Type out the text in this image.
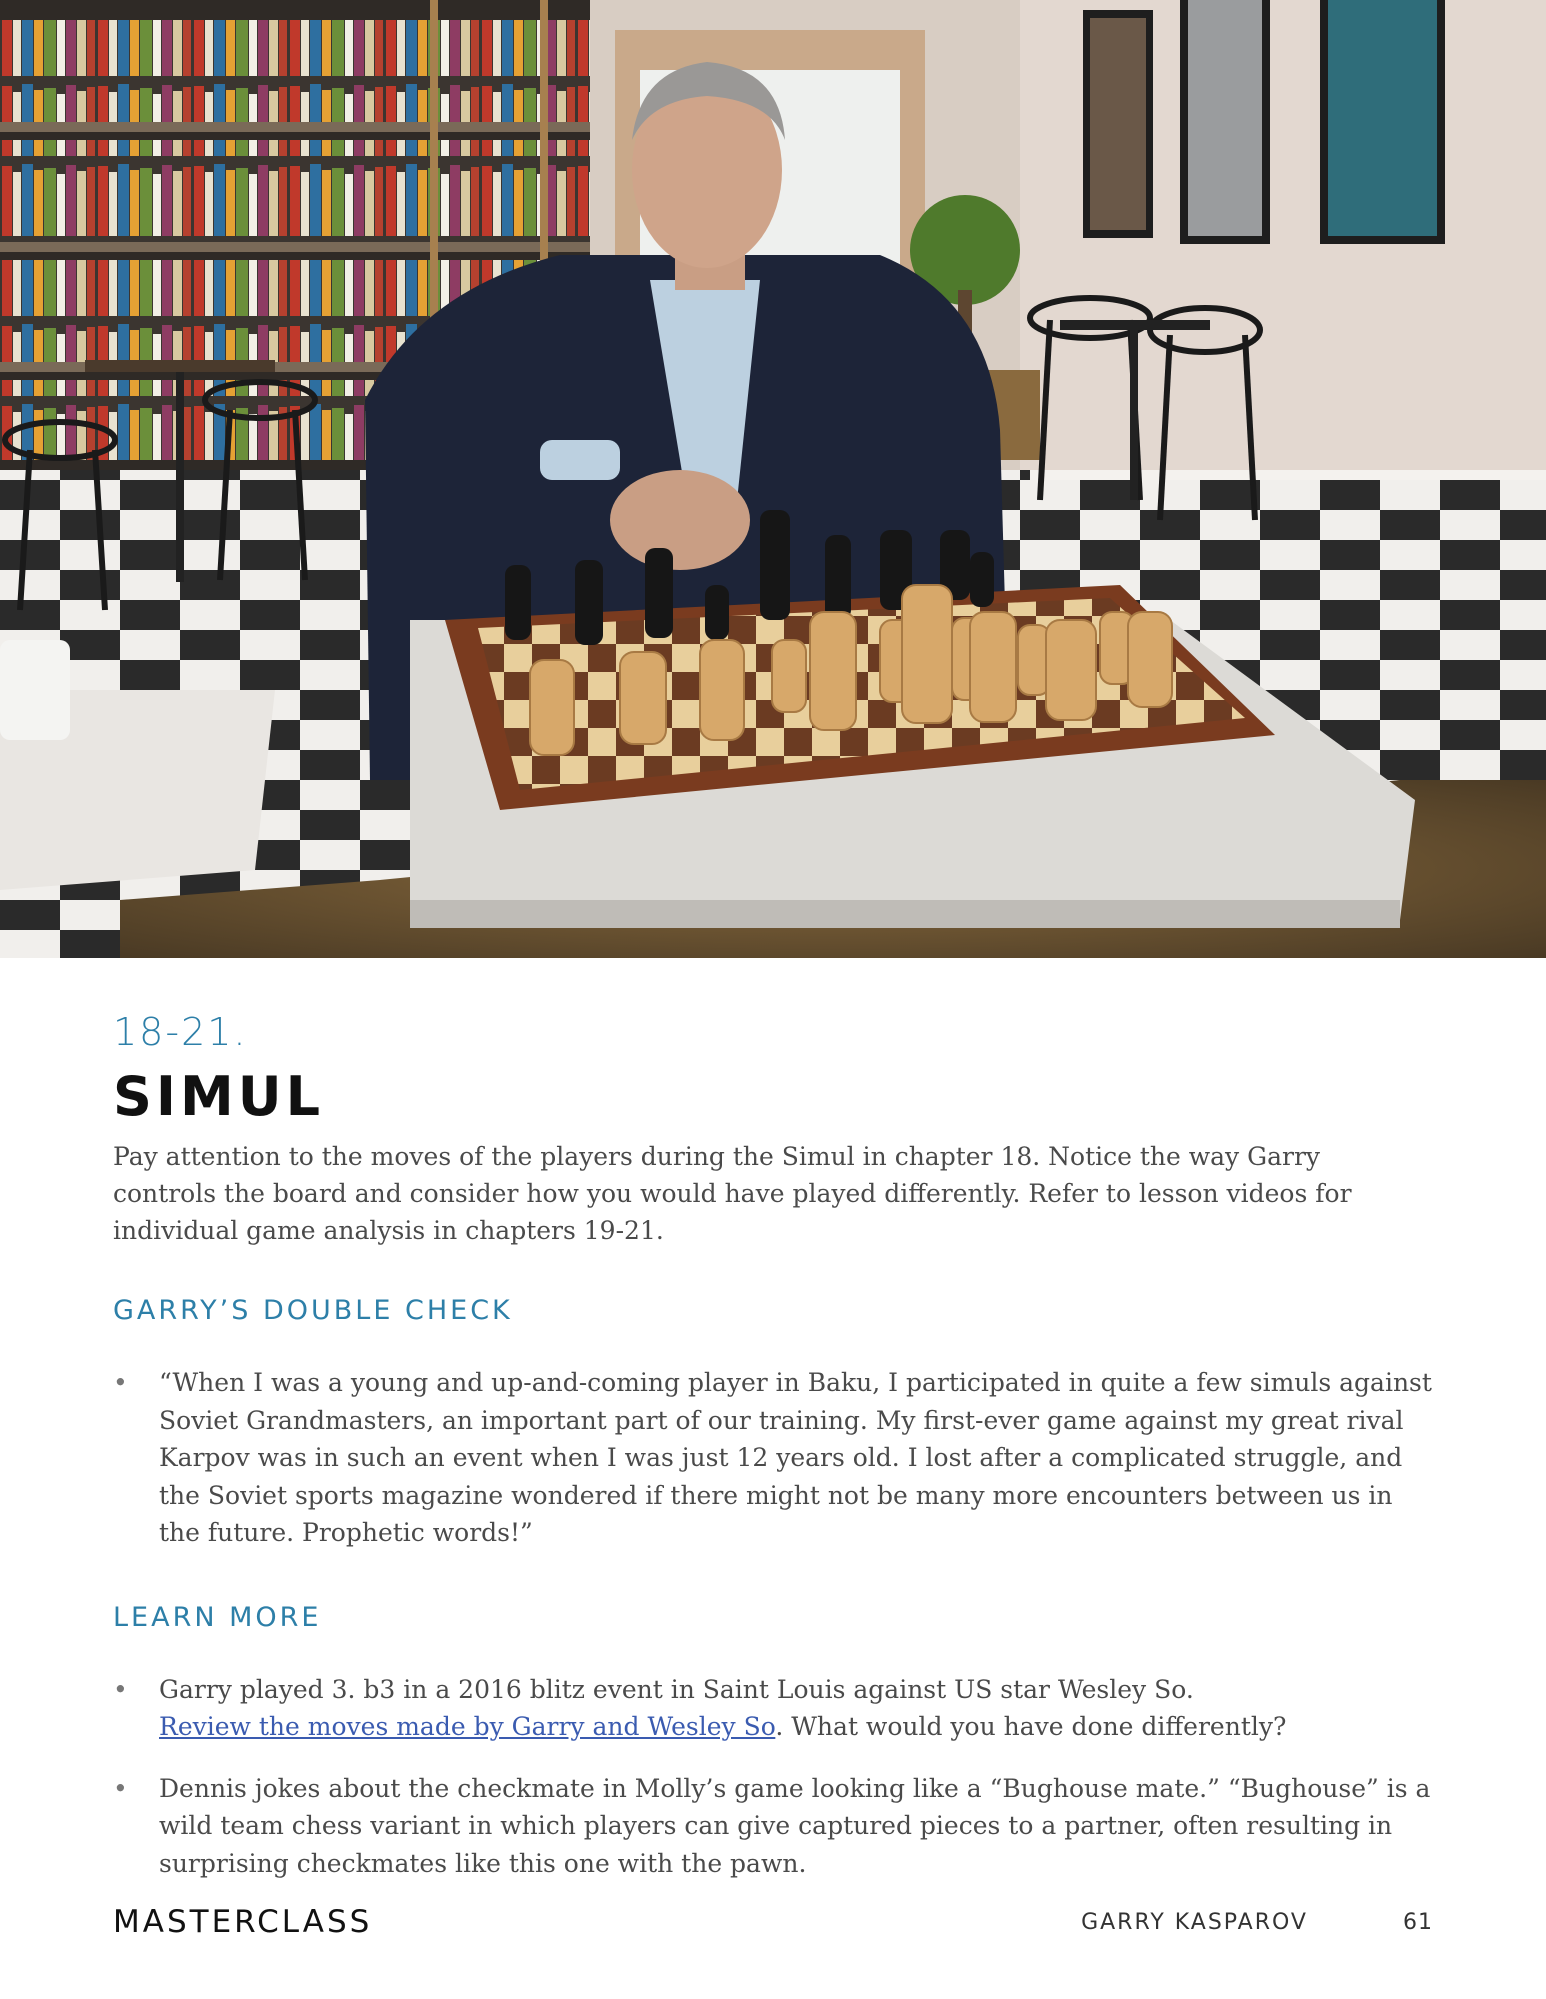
18-21.
SIMUL

Pay attention to the moves of the players during the Simul in chapter 18. Notice the way Garry controls the board and consider how you would have played differently. Refer to lesson videos for individual game analysis in chapters 19-21.

GARRY’S DOUBLE CHECK
• “When I was a young and up-and-coming player in Baku, I participated in quite a few simuls against Soviet Grandmasters, an important part of our training. My first-ever game against my great rival Karpov was in such an event when I was just 12 years old. I lost after a complicated struggle, and the Soviet sports magazine wondered if there might not be many more encounters between us in the future. Prophetic words!”
LEARN MORE
• Garry played 3. b3 in a 2016 blitz event in Saint Louis against US star Wesley So.
Review the moves made by Garry and Wesley So. What would you have done differently?
• Dennis jokes about the checkmate in Molly’s game looking like a “Bughouse mate.” “Bughouse” is a wild team chess variant in which players can give captured pieces to a partner, often resulting in surprising checkmates like this one with the pawn.
MASTERCLASS	GARRY KASPAROV	61
